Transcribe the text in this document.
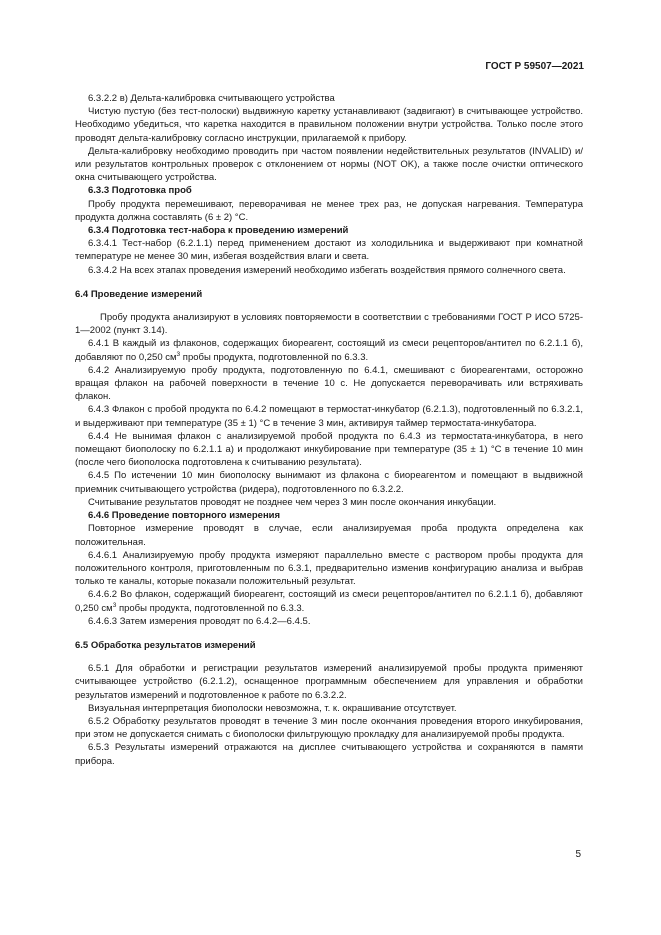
ГОСТ Р 59507—2021

6.3.2.2 в) Дельта-калибровка считывающего устройства

Чистую пустую (без тест-полоски) выдвижную каретку устанавливают (задвигают) в считывающее устройство. Необходимо убедиться, что каретка находится в правильном положении внутри устройства. Только после этого проводят дельта-калибровку согласно инструкции, прилагаемой к прибору.

Дельта-калибровку необходимо проводить при частом появлении недействительных результатов (INVALID) и/или результатов контрольных проверок с отклонением от нормы (NOT OK), а также после очистки оптического окна считывающего устройства.

6.3.3 Подготовка проб

Пробу продукта перемешивают, переворачивая не менее трех раз, не допуская нагревания. Температура продукта должна составлять (6 ± 2) °С.

6.3.4 Подготовка тест-набора к проведению измерений

6.3.4.1 Тест-набор (6.2.1.1) перед применением достают из холодильника и выдерживают при комнатной температуре не менее 30 мин, избегая воздействия влаги и света.

6.3.4.2 На всех этапах проведения измерений необходимо избегать воздействия прямого солнечного света.

6.4 Проведение измерений

Пробу продукта анализируют в условиях повторяемости в соответствии с требованиями ГОСТ Р ИСО 5725-1—2002 (пункт 3.14).

6.4.1 В каждый из флаконов, содержащих биореагент, состоящий из смеси рецепторов/антител по 6.2.1.1 б), добавляют по 0,250 $см^3$ пробы продукта, подготовленной по 6.3.3.

6.4.2 Анализируемую пробу продукта, подготовленную по 6.4.1, смешивают с биореагентами, осторожно вращая флакон на рабочей поверхности в течение 10 с. Не допускается переворачивать или встряхивать флакон.

6.4.3 Флакон с пробой продукта по 6.4.2 помещают в термостат-инкубатор (6.2.1.3), подготовленный по 6.3.2.1, и выдерживают при температуре (35 ± 1) °С в течение 3 мин, активируя таймер термостата-инкубатора.

6.4.4 Не вынимая флакон с анализируемой пробой продукта по 6.4.3 из термостата-инкубатора, в него помещают биополоску по 6.2.1.1 а) и продолжают инкубирование при температуре (35 ± 1) °С в течение 10 мин (после чего биополоска подготовлена к считыванию результата).

6.4.5 По истечении 10 мин биополоску вынимают из флакона с биореагентом и помещают в выдвижной приемник считывающего устройства (ридера), подготовленного по 6.3.2.2.

Считывание результатов проводят не позднее чем через 3 мин после окончания инкубации.

6.4.6 Проведение повторного измерения

Повторное измерение проводят в случае, если анализируемая проба продукта определена как положительная.

6.4.6.1 Анализируемую пробу продукта измеряют параллельно вместе с раствором пробы продукта для положительного контроля, приготовленным по 6.3.1, предварительно изменив конфигурацию анализа и выбрав только те каналы, которые показали положительный результат.

6.4.6.2 Во флакон, содержащий биореагент, состоящий из смеси рецепторов/антител по 6.2.1.1 б), добавляют 0,250 $см^3$ пробы продукта, подготовленной по 6.3.3.

6.4.6.3 Затем измерения проводят по 6.4.2—6.4.5.

6.5 Обработка результатов измерений

6.5.1 Для обработки и регистрации результатов измерений анализируемой пробы продукта применяют считывающее устройство (6.2.1.2), оснащенное программным обеспечением для управления и обработки результатов измерений и подготовленное к работе по 6.3.2.2.

Визуальная интерпретация биополоски невозможна, т. к. окрашивание отсутствует.

6.5.2 Обработку результатов проводят в течение 3 мин после окончания проведения второго инкубирования, при этом не допускается снимать с биополоски фильтрующую прокладку для анализируемой пробы продукта.

6.5.3 Результаты измерений отражаются на дисплее считывающего устройства и сохраняются в памяти прибора.

5
